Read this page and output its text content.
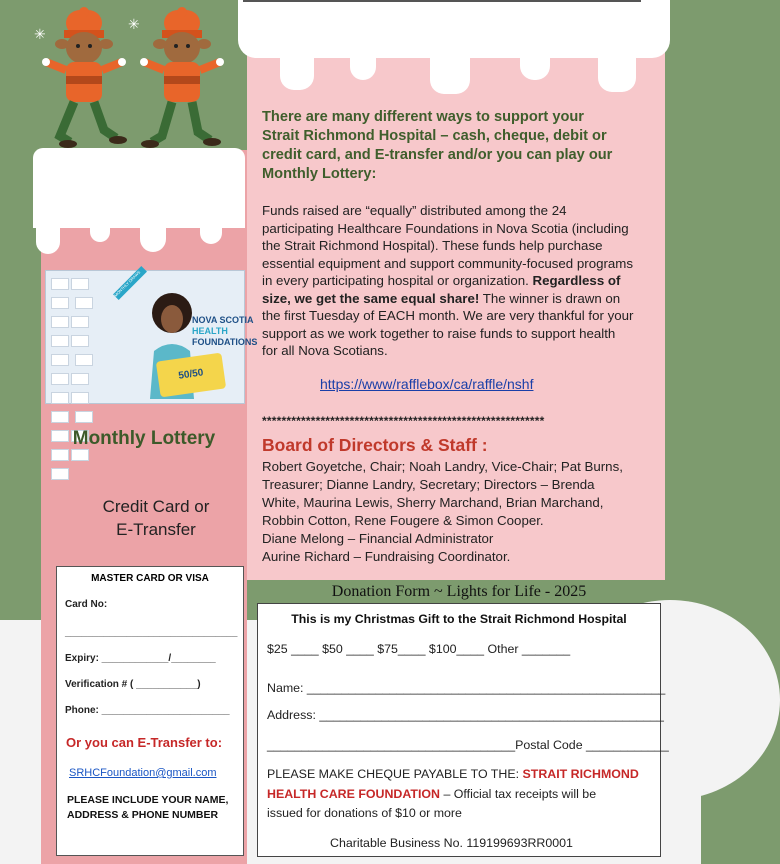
✳
✳

MONTHLY DRAWS
NOVA SCOTIA
HEALTH
FOUNDATIONS
50/50
Monthly Lottery
Credit Card or
E-Transfer
MASTER CARD OR VISA
Card No:
_______________________________
Expiry: ____________/________
Verification # ( ___________)
Phone: _______________________
Or you can E-Transfer to:
SRHCFoundation@gmail.com
PLEASE INCLUDE YOUR NAME, ADDRESS & PHONE NUMBER
There are many different ways to support your Strait Richmond Hospital – cash, cheque, debit or credit card, and E-transfer and/or you can play our Monthly Lottery:
Funds raised are “equally” distributed among the 24 participating Healthcare Foundations in Nova Scotia (including the Strait Richmond Hospital). These funds help purchase essential equipment and support community-focused programs in every participating hospital or organization. Regardless of size, we get the same equal share! The winner is drawn on the first Tuesday of EACH month. We are very thankful for your support as we work together to raise funds to support health for all Nova Scotians.
https://www/rafflebox/ca/raffle/nshf
**********************************************************
Board of Directors & Staff :
Robert Goyetche, Chair; Noah Landry, Vice-Chair; Pat Burns, Treasurer; Dianne Landry, Secretary; Directors – Brenda White, Maurina Lewis, Sherry Marchand, Brian Marchand, Robbin Cotton, Rene Fougere & Simon Cooper.
Diane Melong – Financial Administrator
Aurine Richard – Fundraising Coordinator.
Donation Form ~ Lights for Life - 2025
This is my Christmas Gift to the Strait Richmond Hospital
$25 ____ $50 ____ $75____ $100____ Other _______
Name: ____________________________________________________
Address: __________________________________________________
____________________________________Postal Code ____________
PLEASE MAKE CHEQUE PAYABLE TO THE: STRAIT RICHMOND
HEALTH CARE FOUNDATION – Official tax receipts will be
issued for donations of $10 or more
Charitable Business No. 119199693RR0001
